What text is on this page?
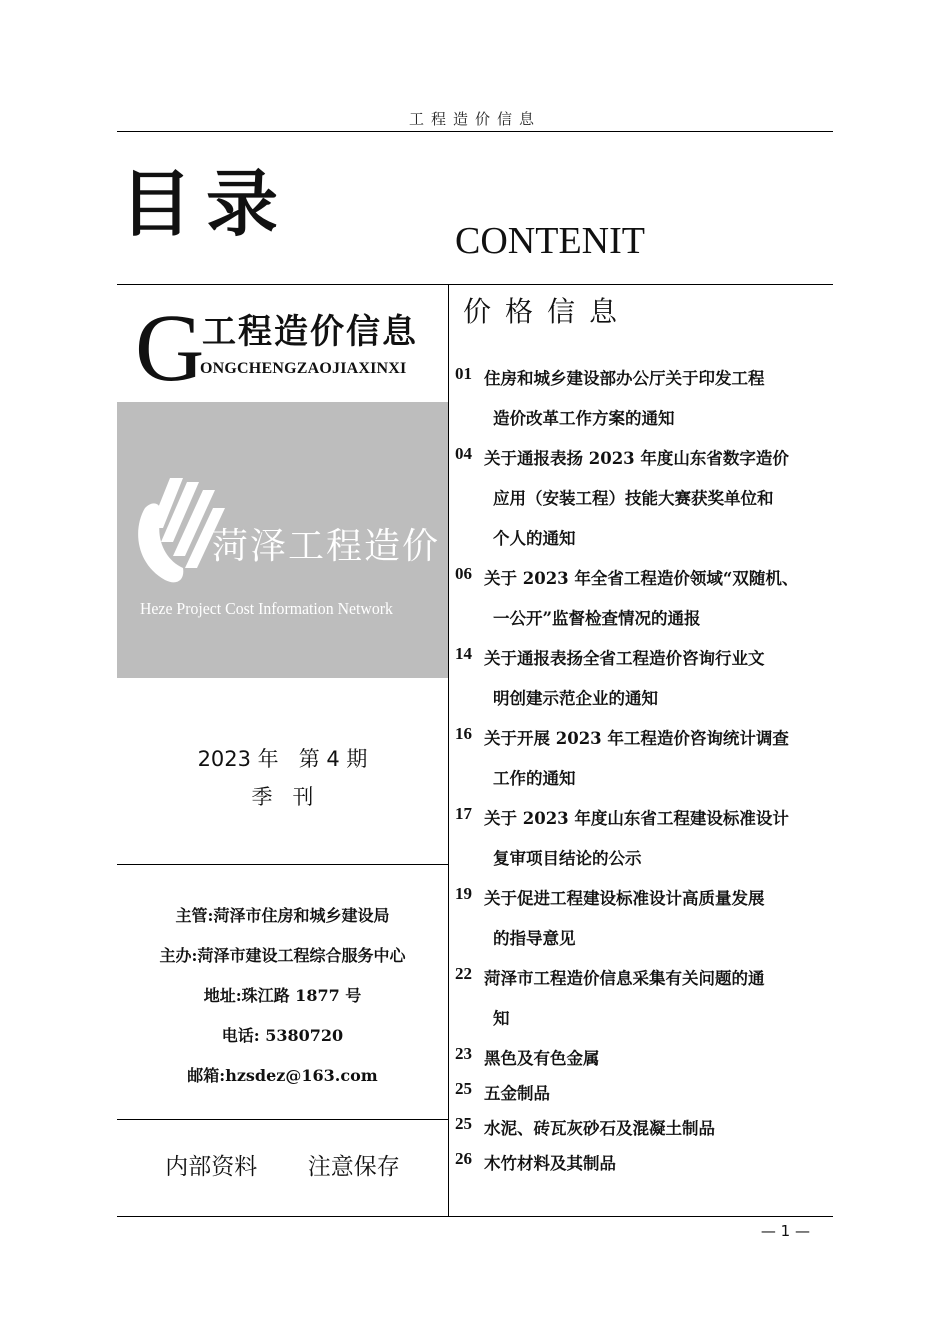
工程造价信息
目录	CONTENIT
G
工程造价信息
ONGCHENGZAOJIAXINXI
菏泽工程造价
Heze Project Cost Information Network
2023 年   第 4 期
季   刊
主管:菏泽市住房和城乡建设局
主办:菏泽市建设工程综合服务中心
地址:珠江路 1877 号
电话: 5380720
邮箱:hzsdez@163.com
内部资料  注意保存
价格信息
01 住房和城乡建设部办公厅关于印发工程
造价改革工作方案的通知
04 关于通报表扬 2023 年度山东省数字造价
应用（安装工程）技能大赛获奖单位和
个人的通知
06 关于 2023 年全省工程造价领域“双随机、
一公开”监督检查情况的通报
14 关于通报表扬全省工程造价咨询行业文
明创建示范企业的通知
16 关于开展 2023 年工程造价咨询统计调查
工作的通知
17 关于 2023 年度山东省工程建设标准设计
复审项目结论的公示
19 关于促进工程建设标准设计高质量发展
的指导意见
22 菏泽市工程造价信息采集有关问题的通
知
23 黑色及有色金属
25 五金制品
25 水泥、砖瓦灰砂石及混凝土制品
26 木竹材料及其制品
— 1 —
